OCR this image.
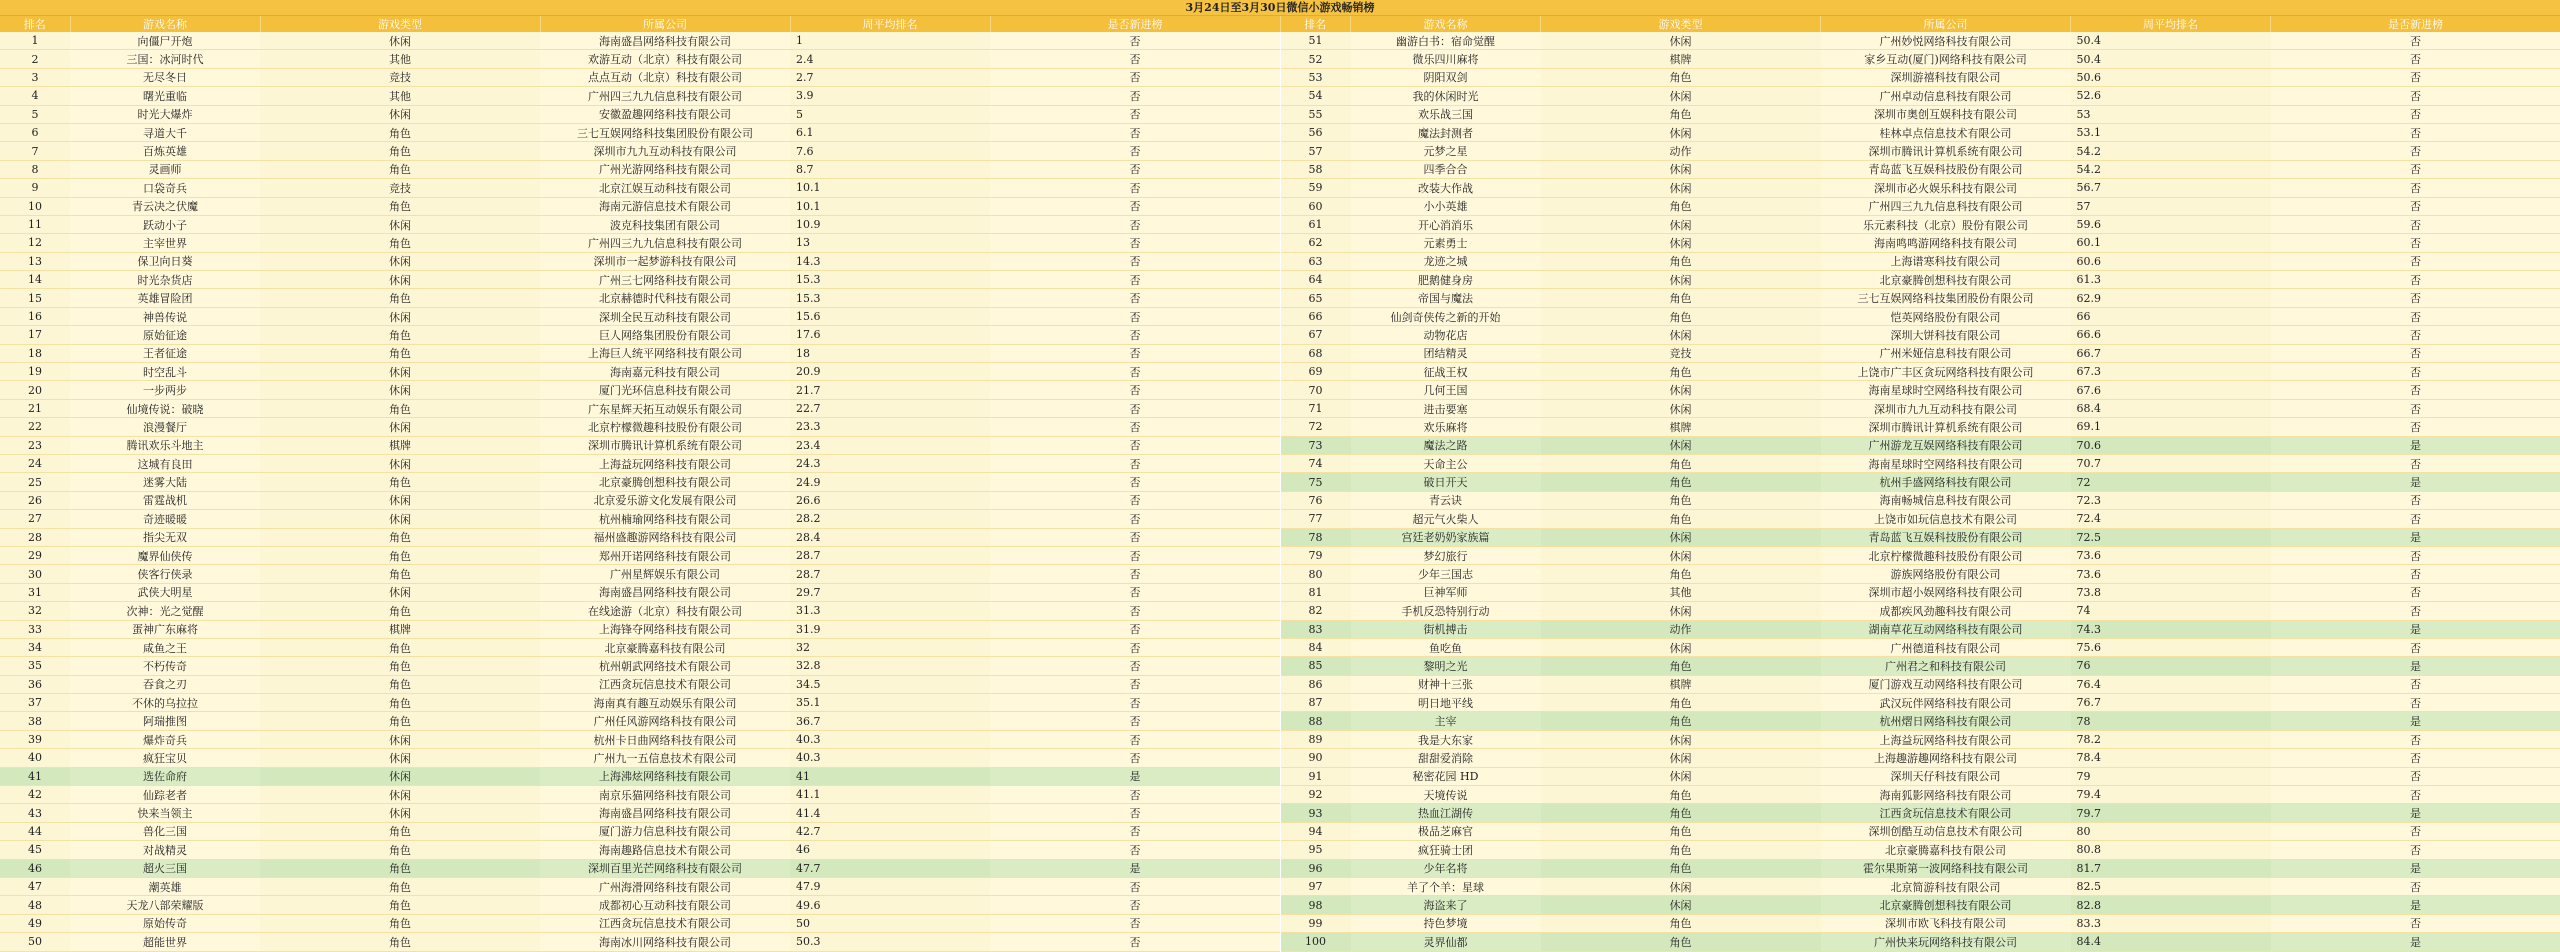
3月24日至3月30日微信小游戏畅销榜
排名	游戏名称	游戏类型	所属公司	周平均排名	是否新进榜
1	向僵尸开炮	休闲	海南盛昌网络科技有限公司	1	否
2	三国：冰河时代	其他	欢游互动（北京）科技有限公司	2.4	否
3	无尽冬日	竞技	点点互动（北京）科技有限公司	2.7	否
4	曙光重临	其他	广州四三九九信息科技有限公司	3.9	否
5	时光大爆炸	休闲	安徽盈趣网络科技有限公司	5	否
6	寻道大千	角色	三七互娱网络科技集团股份有限公司	6.1	否
7	百炼英雄	角色	深圳市九九互动科技有限公司	7.6	否
8	灵画师	角色	广州光游网络科技有限公司	8.7	否
9	口袋奇兵	竞技	北京江娱互动科技有限公司	10.1	否
10	青云决之伏魔	角色	海南元游信息技术有限公司	10.1	否
11	跃动小子	休闲	波克科技集团有限公司	10.9	否
12	主宰世界	角色	广州四三九九信息科技有限公司	13	否
13	保卫向日葵	休闲	深圳市一起梦游科技有限公司	14.3	否
14	时光杂货店	休闲	广州三七网络科技有限公司	15.3	否
15	英雄冒险团	角色	北京赫德时代科技有限公司	15.3	否
16	神兽传说	休闲	深圳全民互动科技有限公司	15.6	否
17	原始征途	角色	巨人网络集团股份有限公司	17.6	否
18	王者征途	角色	上海巨人统平网络科技有限公司	18	否
19	时空乱斗	休闲	海南嘉元科技有限公司	20.9	否
20	一步两步	休闲	厦门光环信息科技有限公司	21.7	否
21	仙境传说：破晓	角色	广东星辉天拓互动娱乐有限公司	22.7	否
22	浪漫餐厅	休闲	北京柠檬微趣科技股份有限公司	23.3	否
23	腾讯欢乐斗地主	棋牌	深圳市腾讯计算机系统有限公司	23.4	否
24	这城有良田	休闲	上海益玩网络科技有限公司	24.3	否
25	迷雾大陆	角色	北京豪腾创想科技有限公司	24.9	否
26	雷霆战机	休闲	北京爱乐游文化发展有限公司	26.6	否
27	奇迹暖暖	休闲	杭州楠瑜网络科技有限公司	28.2	否
28	指尖无双	角色	福州盛趣游网络科技有限公司	28.4	否
29	魔界仙侠传	角色	郑州开诺网络科技有限公司	28.7	否
30	侠客行侠录	角色	广州星辉娱乐有限公司	28.7	否
31	武侠大明星	休闲	海南盛昌网络科技有限公司	29.7	否
32	次神：光之觉醒	角色	在线途游（北京）科技有限公司	31.3	否
33	蛋神广东麻将	棋牌	上海锋夺网络科技有限公司	31.9	否
34	咸鱼之王	角色	北京豪腾嘉科技有限公司	32	否
35	不朽传奇	角色	杭州朝武网络技术有限公司	32.8	否
36	吞食之刃	角色	江西贪玩信息技术有限公司	34.5	否
37	不休的乌拉拉	角色	海南真有趣互动娱乐有限公司	35.1	否
38	阿瑞推图	角色	广州任风游网络科技有限公司	36.7	否
39	爆炸奇兵	休闲	杭州卡日曲网络科技有限公司	40.3	否
40	疯狂宝贝	休闲	广州九一五信息技术有限公司	40.3	否
41	选佐命府	休闲	上海沸炫网络科技有限公司	41	是
42	仙踪老者	休闲	南京乐猫网络科技有限公司	41.1	否
43	快来当领主	休闲	海南盛昌网络科技有限公司	41.4	否
44	兽化三国	角色	厦门游力信息科技有限公司	42.7	否
45	对战精灵	角色	海南趣路信息技术有限公司	46	否
46	超火三国	角色	深圳百里光芒网络科技有限公司	47.7	是
47	潮英雄	角色	广州海滑网络科技有限公司	47.9	否
48	天龙八部荣耀版	角色	成都初心互动科技有限公司	49.6	否
49	原始传奇	角色	江西贪玩信息技术有限公司	50	否
50	超能世界	角色	海南冰川网络科技有限公司	50.3	否
排名	游戏名称	游戏类型	所属公司	周平均排名	是否新进榜
51	幽游白书：宿命觉醒	休闲	广州妙悦网络科技有限公司	50.4	否
52	微乐四川麻将	棋牌	家乡互动(厦门)网络科技有限公司	50.4	否
53	阴阳双剑	角色	深圳游禧科技有限公司	50.6	否
54	我的休闲时光	休闲	广州卓动信息科技有限公司	52.6	否
55	欢乐战三国	角色	深圳市奥创互娱科技有限公司	53	否
56	魔法封测者	休闲	桂林卓点信息技术有限公司	53.1	否
57	元梦之星	动作	深圳市腾讯计算机系统有限公司	54.2	否
58	四季合合	休闲	青岛蓝飞互娱科技股份有限公司	54.2	否
59	改装大作战	休闲	深圳市必火娱乐科技有限公司	56.7	否
60	小小英雄	角色	广州四三九九信息科技有限公司	57	否
61	开心消消乐	休闲	乐元素科技（北京）股份有限公司	59.6	否
62	元素勇士	休闲	海南鸣鸣游网络科技有限公司	60.1	否
63	龙迹之城	角色	上海谱寒科技有限公司	60.6	否
64	肥鹅健身房	休闲	北京豪腾创想科技有限公司	61.3	否
65	帝国与魔法	角色	三七互娱网络科技集团股份有限公司	62.9	否
66	仙剑奇侠传之新的开始	角色	恺英网络股份有限公司	66	否
67	动物花店	休闲	深圳大饼科技有限公司	66.6	否
68	团结精灵	竞技	广州米娅信息科技有限公司	66.7	否
69	征战王权	角色	上饶市广丰区贪玩网络科技有限公司	67.3	否
70	几何王国	休闲	海南星球时空网络科技有限公司	67.6	否
71	进击要塞	休闲	深圳市九九互动科技有限公司	68.4	否
72	欢乐麻将	棋牌	深圳市腾讯计算机系统有限公司	69.1	否
73	魔法之路	休闲	广州游龙互娱网络科技有限公司	70.6	是
74	天命主公	角色	海南星球时空网络科技有限公司	70.7	否
75	破日开天	角色	杭州手盛网络科技有限公司	72	是
76	青云诀	角色	海南畅城信息科技有限公司	72.3	否
77	超元气火柴人	角色	上饶市如玩信息技术有限公司	72.4	否
78	宫廷老奶奶家族篇	休闲	青岛蓝飞互娱科技股份有限公司	72.5	是
79	梦幻旅行	休闲	北京柠檬微趣科技股份有限公司	73.6	否
80	少年三国志	角色	游族网络股份有限公司	73.6	否
81	巨神军师	其他	深圳市超小娱网络科技有限公司	73.8	否
82	手机反恐特别行动	休闲	成都疾风劲趣科技有限公司	74	否
83	街机搏击	动作	湖南草花互动网络科技有限公司	74.3	是
84	鱼吃鱼	休闲	广州德道科技有限公司	75.6	否
85	黎明之光	角色	广州君之和科技有限公司	76	是
86	财神十三张	棋牌	厦门游戏互动网络科技有限公司	76.4	否
87	明日地平线	角色	武汉玩伴网络科技有限公司	76.7	否
88	主宰	角色	杭州熠日网络科技有限公司	78	是
89	我是大东家	休闲	上海益玩网络科技有限公司	78.2	否
90	甜甜爱消除	休闲	上海趣游趣网络科技有限公司	78.4	否
91	秘密花园 HD	休闲	深圳天仔科技有限公司	79	否
92	天境传说	角色	海南狐影网络科技有限公司	79.4	否
93	热血江湖传	角色	江西贪玩信息技术有限公司	79.7	是
94	极品芝麻官	角色	深圳创酷互动信息技术有限公司	80	否
95	疯狂骑士团	角色	北京豪腾嘉科技有限公司	80.8	否
96	少年名将	角色	霍尔果斯第一波网络科技有限公司	81.7	是
97	羊了个羊：星球	休闲	北京简游科技有限公司	82.5	否
98	海盗来了	休闲	北京豪腾创想科技有限公司	82.8	是
99	持色梦境	角色	深圳市欧飞科技有限公司	83.3	否
100	灵界仙都	角色	广州快来玩网络科技有限公司	84.4	是
